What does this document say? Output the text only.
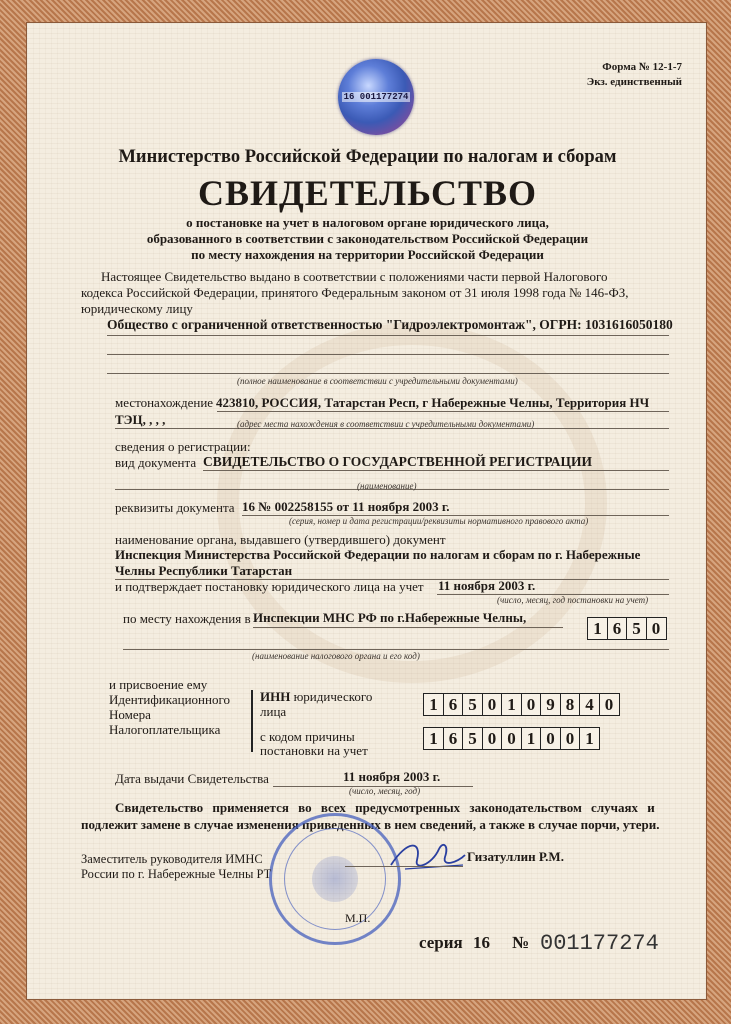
Форма № 12-1-7
Экз. единственный
16 001177274
Министерство Российской Федерации по налогам и сборам
СВИДЕТЕЛЬСТВО
о постановке на учет в налоговом органе юридического лица,
образованного в соответствии с законодательством Российской Федерации
по месту нахождения на территории Российской Федерации
Настоящее Свидетельство выдано в соответствии с положениями части первой Налогового
кодекса Российской Федерации, принятого Федеральным законом от 31 июля 1998 года № 146-ФЗ,
юридическому лицу
Общество с ограниченной ответственностью "Гидроэлектромонтаж", ОГРН: 1031616050180
(полное наименование в соответствии с учредительными документами)
местонахождение 423810, РОССИЯ, Татарстан Респ, г Набережные Челны, Территория НЧ
ТЭЦ, , , ,	(адрес места нахождения в соответствии с учредительными документами)
сведения о регистрации:
вид документа СВИДЕТЕЛЬСТВО О ГОСУДАРСТВЕННОЙ РЕГИСТРАЦИИ
(наименование)
реквизиты документа 16 № 002258155 от 11 ноября 2003 г.
(серия, номер и дата регистрации/реквизиты нормативного правового акта)
наименование органа, выдавшего (утвердившего) документ
Инспекция Министерства Российской Федерации по налогам и сборам по г. Набережные
Челны Республики Татарстан
и подтверждает постановку юридического лица на учет 11 ноября 2003 г.
(число, месяц, год постановки на учет)
по месту нахождения в Инспекции МНС РФ по г.Набережные Челны,
1 6 5 0
(наименование налогового органа и его код)
и присвоение ему
Идентификационного
Номера
Налогоплательщика
ИНН юридического
лица	1 6 5 0 1 0 9 8 4 0
с кодом причины
постановки на учет
1 6 5 0 0 1 0 0 1
Дата выдачи Свидетельства	11 ноября 2003 г.
(число, месяц, год)
Свидетельство применяется во всех предусмотренных законодательством случаях и
подлежит замене в случае изменения приведенных в нем сведений, а также в случае порчи, утери.
Заместитель руководителя ИМНС
России по г. Набережные Челны РТ
Гизатуллин Р.М.
М.П.
серия 16 № 001177274
